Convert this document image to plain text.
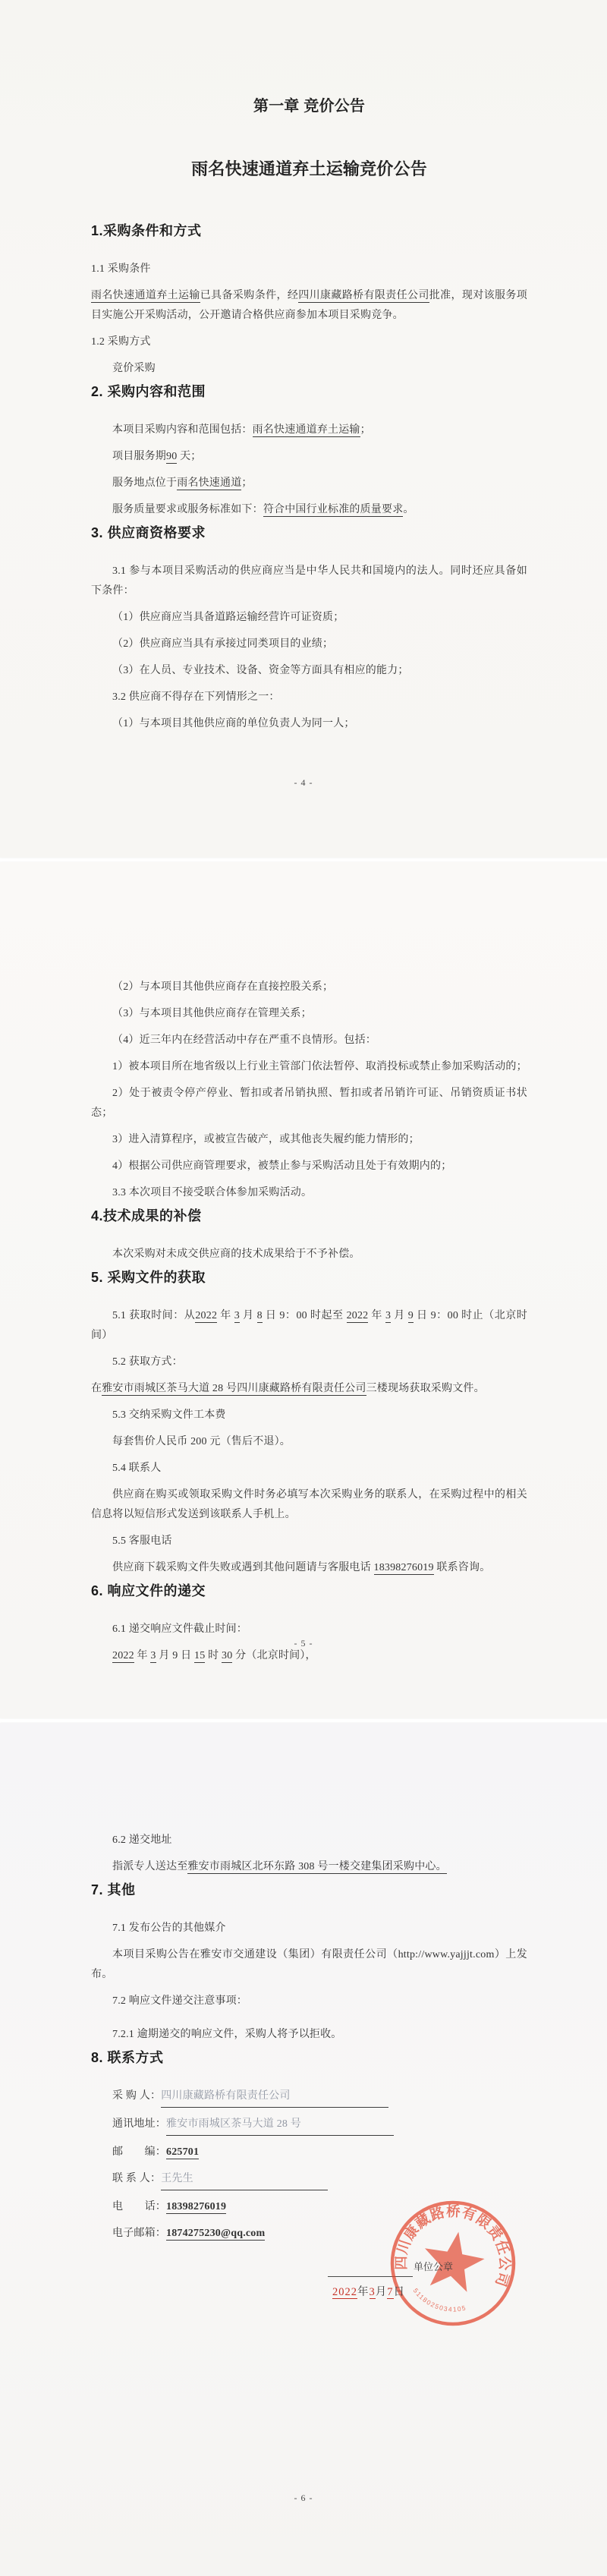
第一章 竞价公告
雨名快速通道弃土运输竞价公告
1.采购条件和方式
1.1 采购条件
雨名快速通道弃土运输已具备采购条件，经四川康藏路桥有限责任公司批准，现对该服务项目实施公开采购活动，公开邀请合格供应商参加本项目采购竞争。
1.2 采购方式
竞价采购
2. 采购内容和范围
本项目采购内容和范围包括：雨名快速通道弃土运输；
项目服务期90 天；
服务地点位于雨名快速通道；
服务质量要求或服务标准如下：符合中国行业标准的质量要求。
3. 供应商资格要求
3.1 参与本项目采购活动的供应商应当是中华人民共和国境内的法人。同时还应具备如下条件：
（1）供应商应当具备道路运输经营许可证资质；
（2）供应商应当具有承接过同类项目的业绩；
（3）在人员、专业技术、设备、资金等方面具有相应的能力；
3.2 供应商不得存在下列情形之一：
（1）与本项目其他供应商的单位负责人为同一人；
- 4 -
（2）与本项目其他供应商存在直接控股关系；
（3）与本项目其他供应商存在管理关系；
（4）近三年内在经营活动中存在严重不良情形。包括：
1）被本项目所在地省级以上行业主管部门依法暂停、取消投标或禁止参加采购活动的；
2）处于被责令停产停业、暂扣或者吊销执照、暂扣或者吊销许可证、吊销资质证书状态；
3）进入清算程序，或被宣告破产，或其他丧失履约能力情形的；
4）根据公司供应商管理要求，被禁止参与采购活动且处于有效期内的；
3.3 本次项目不接受联合体参加采购活动。
4.技术成果的补偿
本次采购对未成交供应商的技术成果给于不予补偿。
5. 采购文件的获取
5.1 获取时间：从2022 年 3 月 8 日 9：00 时起至 2022 年 3 月 9 日 9：00 时止（北京时间）
5.2 获取方式：
在雅安市雨城区茶马大道 28 号四川康藏路桥有限责任公司三楼现场获取采购文件。
5.3 交纳采购文件工本费
每套售价人民币 200 元（售后不退）。
5.4 联系人
供应商在购买或领取采购文件时务必填写本次采购业务的联系人，在采购过程中的相关信息将以短信形式发送到该联系人手机上。
5.5 客服电话
供应商下载采购文件失败或遇到其他问题请与客服电话 18398276019 联系咨询。
6. 响应文件的递交
6.1 递交响应文件截止时间：
2022 年 3 月 9 日 15 时 30 分（北京时间），
- 5 -
6.2 递交地址
指派专人送达至雅安市雨城区北环东路 308 号一楼交建集团采购中心。
7. 其他
7.1 发布公告的其他媒介
本项目采购公告在雅安市交通建设（集团）有限责任公司（http://www.yajjjt.com）上发布。
7.2 响应文件递交注意事项：
7.2.1 逾期递交的响应文件，采购人将予以拒收。
8. 联系方式
采 购 人：四川康藏路桥有限责任公司
通讯地址：雅安市雨城区茶马大道 28 号
邮　　编：625701
联 系 人：王先生
电　　话：18398276019
电子邮箱：1874275230@qq.com
单位公章
2022年3月7日
四川康藏路桥有限责任公司
5118025034105
- 6 -
